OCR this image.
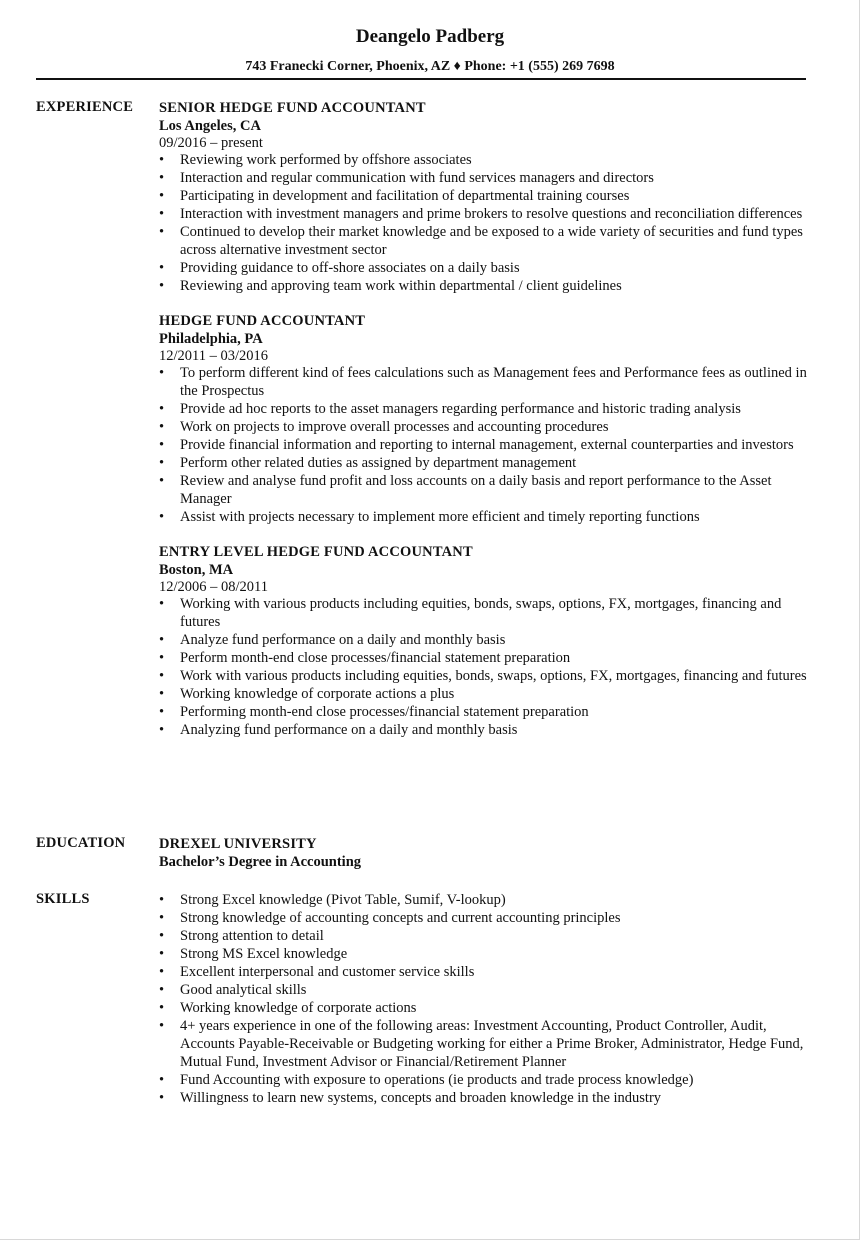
Deangelo Padberg
743 Franecki Corner, Phoenix, AZ ♦ Phone: +1 (555) 269 7698
EXPERIENCE SENIOR HEDGE FUND ACCOUNTANT
Los Angeles, CA
09/2016 – present
• Reviewing work performed by offshore associates
• Interaction and regular communication with fund services managers and directors
• Participating in development and facilitation of departmental training courses
• Interaction with investment managers and prime brokers to resolve questions and reconciliation differences
• Continued to develop their market knowledge and be exposed to a wide variety of securities and fund types across alternative investment sector
• Providing guidance to off-shore associates on a daily basis
• Reviewing and approving team work within departmental / client guidelines
HEDGE FUND ACCOUNTANT
Philadelphia, PA
12/2011 – 03/2016
• To perform different kind of fees calculations such as Management fees and Performance fees as outlined in the Prospectus
• Provide ad hoc reports to the asset managers regarding performance and historic trading analysis
• Work on projects to improve overall processes and accounting procedures
• Provide financial information and reporting to internal management, external counterparties and investors
• Perform other related duties as assigned by department management
• Review and analyse fund profit and loss accounts on a daily basis and report performance to the Asset Manager
• Assist with projects necessary to implement more efficient and timely reporting functions
ENTRY LEVEL HEDGE FUND ACCOUNTANT
Boston, MA
12/2006 – 08/2011
• Working with various products including equities, bonds, swaps, options, FX, mortgages, financing and futures
• Analyze fund performance on a daily and monthly basis
• Perform month-end close processes/financial statement preparation
• Work with various products including equities, bonds, swaps, options, FX, mortgages, financing and futures
• Working knowledge of corporate actions a plus
• Performing month-end close processes/financial statement preparation
• Analyzing fund performance on a daily and monthly basis
EDUCATION DREXEL UNIVERSITY
Bachelor’s Degree in Accounting
SKILLS
•	Strong Excel knowledge (Pivot Table, Sumif, V-lookup)
• Strong knowledge of accounting concepts and current accounting principles
• Strong attention to detail
• Strong MS Excel knowledge
• Excellent interpersonal and customer service skills
• Good analytical skills
• Working knowledge of corporate actions
• 4+ years experience in one of the following areas: Investment Accounting, Product Controller, Audit, Accounts Payable-Receivable or Budgeting working for either a Prime Broker, Administrator, Hedge Fund, Mutual Fund, Investment Advisor or Financial/Retirement Planner
• Fund Accounting with exposure to operations (ie products and trade process knowledge)
• Willingness to learn new systems, concepts and broaden knowledge in the industry
